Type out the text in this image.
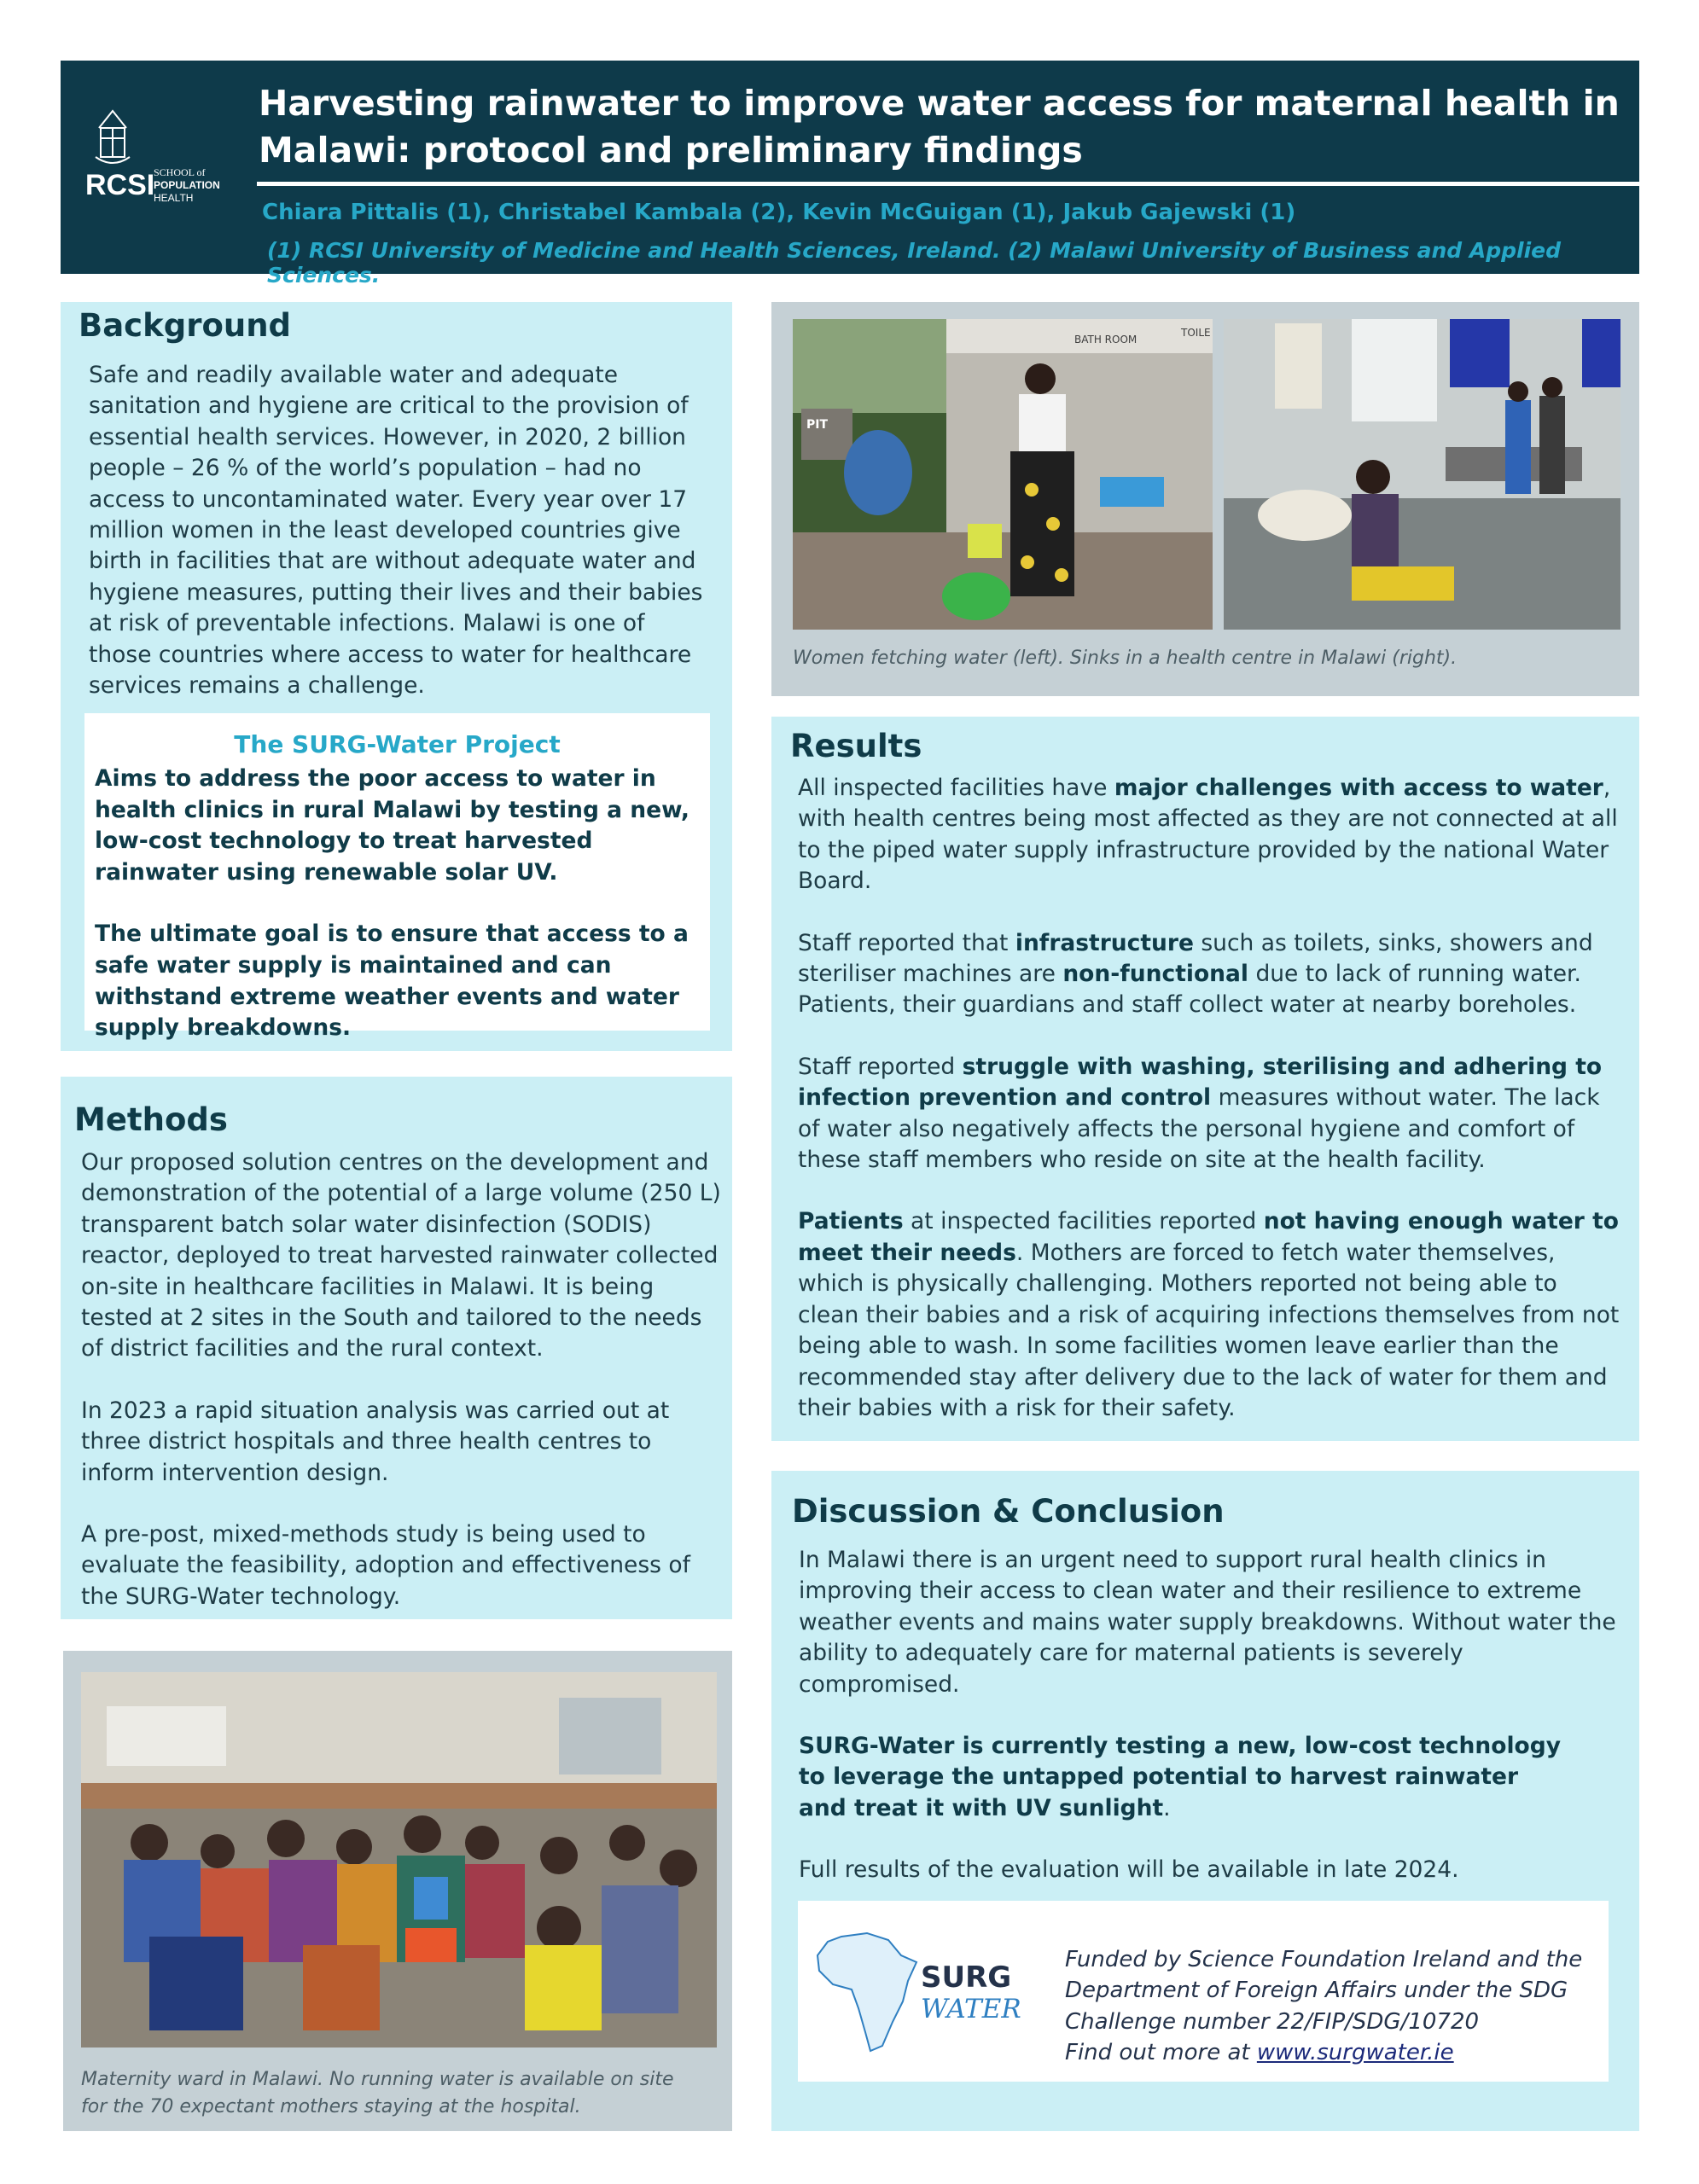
RCSI
SCHOOL of
POPULATION
HEALTH
Harvesting rainwater to improve water access for maternal health in Malawi: protocol and preliminary findings
Chiara Pittalis (1), Christabel Kambala (2), Kevin McGuigan (1), Jakub Gajewski (1)
(1) RCSI University of Medicine and Health Sciences, Ireland. (2) Malawi University of Business and Applied Sciences.
Background
Safe and readily available water and adequate sanitation and hygiene are critical to the provision of essential health services. However, in 2020, 2 billion people – 26 % of the world’s population – had no access to uncontaminated water. Every year over 17 million women in the least developed countries give birth in facilities that are without adequate water and hygiene measures, putting their lives and their babies at risk of preventable infections. Malawi is one of those countries where access to water for healthcare services remains a challenge.
The SURG-Water Project
Aims to address the poor access to water in health clinics in rural Malawi by testing a new, low-cost technology to treat harvested rainwater using renewable solar UV.
The ultimate goal is to ensure that access to a safe water supply is maintained and can withstand extreme weather events and water supply breakdowns.
Methods

Our proposed solution centres on the development and demonstration of the potential of a large volume (250 L) transparent batch solar water disinfection (SODIS) reactor, deployed to treat harvested rainwater collected on-site in healthcare facilities in Malawi. It is being tested at 2 sites in the South and tailored to the needs of district facilities and the rural context.

In 2023 a rapid situation analysis was carried out at three district hospitals and three health centres to inform intervention design.

A pre-post, mixed-methods study is being used to evaluate the feasibility, adoption and effectiveness of the SURG-Water technology.

Maternity ward in Malawi. No running water is available on site
for the 70 expectant mothers staying at the hospital.
PIT
BATH ROOM
TOILE
Women fetching water (left). Sinks in a health centre in Malawi (right).
Results

All inspected facilities have major challenges with access to water, with health centres being most affected as they are not connected at all to the piped water supply infrastructure provided by the national Water Board.

Staff reported that infrastructure such as toilets, sinks, showers and steriliser machines are non-functional due to lack of running water. Patients, their guardians and staff collect water at nearby boreholes.

Staff reported struggle with washing, sterilising and adhering to infection prevention and control measures without water. The lack of water also negatively affects the personal hygiene and comfort of these staff members who reside on site at the health facility.

Patients at inspected facilities reported not having enough water to meet their needs. Mothers are forced to fetch water themselves, which is physically challenging. Mothers reported not being able to clean their babies and a risk of acquiring infections themselves from not being able to wash. In some facilities women leave earlier than the recommended stay after delivery due to the lack of water for them and their babies with a risk for their safety.

Discussion & Conclusion

In Malawi there is an urgent need to support rural health clinics in improving their access to clean water and their resilience to extreme weather events and mains water supply breakdowns. Without water the ability to adequately care for maternal patients is severely compromised.

SURG-Water is currently testing a new, low-cost technology to leverage the untapped potential to harvest rainwater and treat it with UV sunlight.

Full results of the evaluation will be available in late 2024.

SURG
WATER
Funded by Science Foundation Ireland and the
Department of Foreign Affairs under the SDG
Challenge number 22/FIP/SDG/10720
Find out more at www.surgwater.ie
